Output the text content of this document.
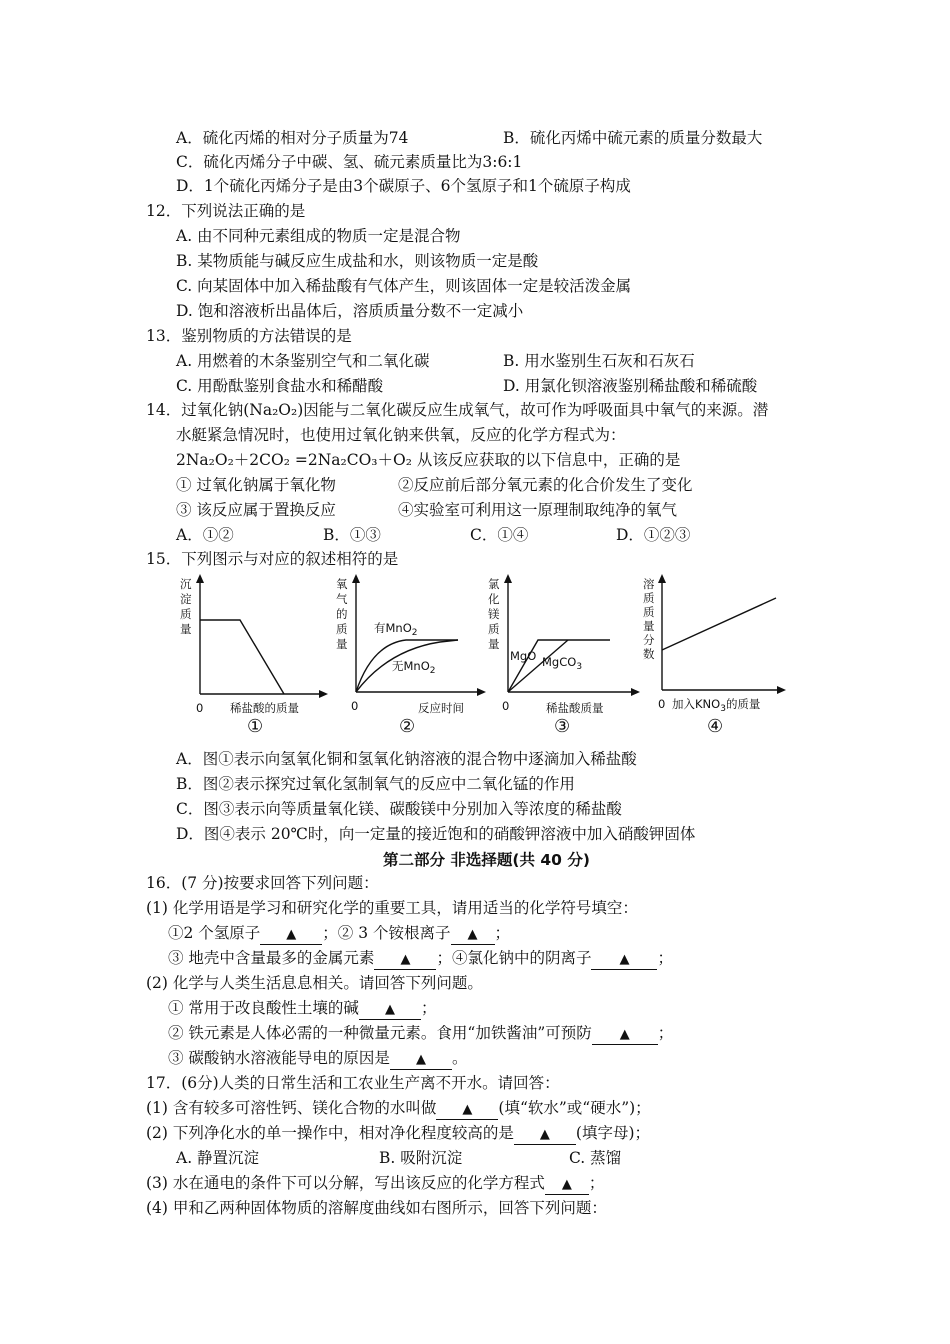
A．硫化丙烯的相对分子质量为74	B．硫化丙烯中硫元素的质量分数最大
C．硫化丙烯分子中碳、氢、硫元素质量比为3:6:1
D．1个硫化丙烯分子是由3个碳原子、6个氢原子和1个硫原子构成
12．下列说法正确的是
A. 由不同种元素组成的物质一定是混合物
B. 某物质能与碱反应生成盐和水，则该物质一定是酸
C. 向某固体中加入稀盐酸有气体产生，则该固体一定是较活泼金属
D. 饱和溶液析出晶体后，溶质质量分数不一定减小
13．鉴别物质的方法错误的是
A. 用燃着的木条鉴别空气和二氧化碳	B. 用水鉴别生石灰和石灰石
C. 用酚酞鉴别食盐水和稀醋酸	D. 用氯化钡溶液鉴别稀盐酸和稀硫酸
14．过氧化钠(Na₂O₂)因能与二氧化碳反应生成氧气，故可作为呼吸面具中氧气的来源。潜
水艇紧急情况时，也使用过氧化钠来供氧，反应的化学方程式为：
2Na₂O₂＋2CO₂ =2Na₂CO₃＋O₂ 从该反应获取的以下信息中，正确的是
① 过氧化钠属于氧化物	②反应前后部分氧元素的化合价发生了变化
③ 该反应属于置换反应	④实验室可利用这一原理制取纯净的氧气
A．①②	B．①③	C．①④	D．①②③
15．下列图示与对应的叙述相符的是
沉
淀
质
量
0 稀盐酸的质量
①
氧
气
的
质
量
有MnO$_2$
无MnO$_2$
0	反应时间
②
氯
化
镁
质
量
MgO MgCO$_3$
0	稀盐酸质量
③
溶
质
质
量
分
数
0 加入$KNO_3$的质量
④
A．图①表示向氢氧化铜和氢氧化钠溶液的混合物中逐滴加入稀盐酸
B．图②表示探究过氧化氢制氧气的反应中二氧化锰的作用
C．图③表示向等质量氧化镁、碳酸镁中分别加入等浓度的稀盐酸
D．图④表示 20℃时，向一定量的接近饱和的硝酸钾溶液中加入硝酸钾固体
第二部分 非选择题(共 40 分)
16．(7 分)按要求回答下列问题：
(1) 化学用语是学习和研究化学的重要工具，请用适当的化学符号填空：
①2 个氢原子 ▲ ；② 3 个铵根离子 ▲ ；
③ 地壳中含量最多的金属元素 ▲ ；④氯化钠中的阴离子 ▲ ；
(2) 化学与人类生活息息相关。请回答下列问题。
① 常用于改良酸性土壤的碱 ▲ ；
② 铁元素是人体必需的一种微量元素。食用“加铁酱油”可预防 ▲ ；
③ 碳酸钠水溶液能导电的原因是 ▲ 。
17．(6分)人类的日常生活和工农业生产离不开水。请回答：
(1) 含有较多可溶性钙、镁化合物的水叫做 ▲ (填“软水”或“硬水”)；
(2) 下列净化水的单一操作中，相对净化程度较高的是 ▲ (填字母)；
A. 静置沉淀	B. 吸附沉淀	C. 蒸馏
(3) 水在通电的条件下可以分解，写出该反应的化学方程式 ▲ ；
(4) 甲和乙两种固体物质的溶解度曲线如右图所示，回答下列问题：
